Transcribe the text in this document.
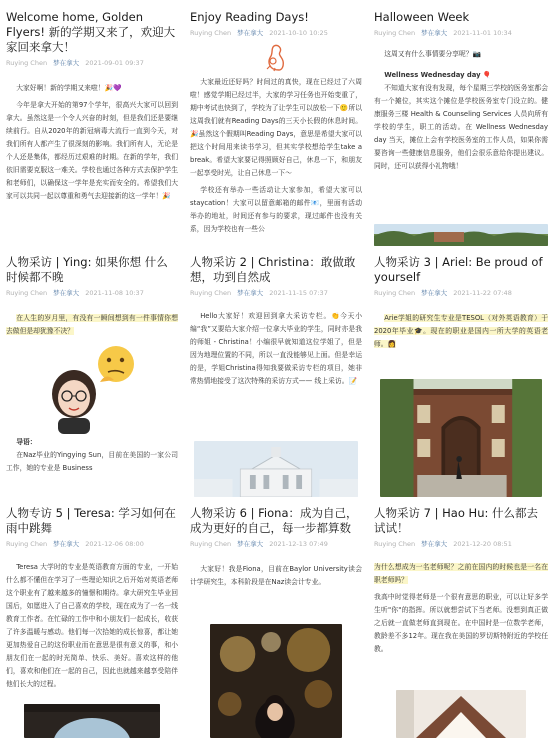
Welcome home, Golden Flyers! 新的学期又来了，欢迎大家回来拿大！
Ruying Chen 梦在拿大 2021-09-01 09:37

大家好啊！新的学期又来啦！🎉💜

今年是拿大开始的第97个学年，很高兴大家可以回到拿大。虽然这是一个令人兴奋的时刻，但是我们还是要继续前行。自从2020年的新冠病毒大流行一直到今天，对我们所有人都产生了很深刻的影响。我们所有人，无论是个人还是集体，都经历过艰难的时期。在新的学年，我们依旧需要克服这一难关。学校也通过各种方式去保护学生和老师们，以确保这一学年是充实而安全的。希望我们大家可以共同一起以尊重和勇气去迎接新的这一学年！🎉

Enjoy Reading Days!
Ruying Chen 梦在拿大 2021-10-10 10:25

大家最近还好吗？时间过的真快，现在已经过了六周啦！感觉学期已经过半，大家的学习任务也开始变重了，期中考试也快到了，学校为了让学生可以放松一下🙂所以这周我们就有Reading Days的三天小长假的休息时间。🎉虽然这个假期叫Reading Days，意思是希望大家可以把这个时间用来读书学习，但其实学校想给学生take a break。希望大家要记得照顾好自己，休息一下，和朋友一起享受时光，让自己休息一下～

学校还有举办一些活动让大家参加，希望大家可以staycation！大家可以留意邮箱的邮件📧，里面有活动举办的地址，时间还有参与的要求，现过邮件也没有关系，因为学校也有一些公

Halloween Week
Ruying Chen 梦在拿大 2021-11-01 10:34

这周又有什么事情要分享呢？📷

Wellness Wednesday day 🎈

不知道大家有没有发现，每个星期三学校的医务室都会有一个摊位，其实这个摊位是学校医务室专门设立的。健康服务三楼 Health & Counseling Services 人员向所有学校的学生，职工的活动。在 Wellness Wednesday day 当天，摊位上会有学校医务室的工作人员，如果你需要咨询一些健康信息服务，他们会很乐意给你提出建议。同时，还可以获得小礼物哦！

人物采访 | Ying: 如果你想 什么时候都不晚
Ruying Chen 梦在拿大 2021-11-08 10:37

在人生的岁月里，有没有一瞬间想到有一件事情你想去做但是却犹豫不决？

导语：

在Naz毕业的Yingying Sun，目前在美国的一家公司工作，她的专业是 Business

人物采访 2 | Christina：敢做敢想，功到自然成
Ruying Chen 梦在拿大 2021-11-15 07:37

Hello大家好！欢迎回到拿大采访专栏。👏今天小编“我”又要给大家介绍一位拿大毕业的学生，同时亦是我的师姐 - Christina！小编很早就知道这位学姐了，但是因为地理位置的不同，所以一直没能够见上面。但是幸运的是，学姐Christina得知我要做采访专栏的项目，她非常热情地接受了这次特殊的采访方式—— 线上采访。📝

人物采访 3 | Ariel: Be proud of yourself
Ruying Chen 梦在拿大 2021-11-22 07:48

Arie学姐的研究生专业是TESOL（对外英语教育）于2020年毕业🎓。现在的职业是国内一所大学的英语老师。👩

人物专访 5 | Teresa: 学习如何在雨中跳舞
Ruying Chen 梦在拿大 2021-12-06 08:00

Teresa 大学时的专业是英语教育方面的专业，一开始什么都不懂但在学习了一些理论知识之后开始对英语老师这个职业有了越来越多的憧憬和期待。拿大研究生毕业回国后，如愿进入了自己喜欢的学校，现在成为了一名一线教育工作者。在忙碌的工作中和小朋友们一起成长，收获了许多温暖与感动。他们每一次拾她的成长惊喜，都让她更加热爱自己的这份职业而在意思是很有意义的事，和小朋友们在一起的时光简单、快乐、美好。喜欢这样的他们，喜欢和他们在一起的自己，因此也就越来越享受陪伴他们长大的过程。

人物采访 6 | Fiona：成为自己，成为更好的自己，每一步都算数
Ruying Chen 梦在拿大 2021-12-13 07:49

大家好！我是Fiona，目前在Baylor University读会计学研究生，本科阶段是在Naz读会计专业。

人物采访 7 | Hao Hu: 什么都去试试！
Ruying Chen 梦在拿大 2021-12-20 08:51

为什么想成为一名老师呢？之前在国内的时候也是一名在职老师吗？

我高中时觉得老师是一个很有意思的职业，可以让好多学生听"你"的指挥。所以就想尝试下当老师。没想到真正做之后就一直做老师直到现在。在中国时是一位数学老师，教龄差不多12年。现在我在美国的罗切斯特附近的学校任教。
